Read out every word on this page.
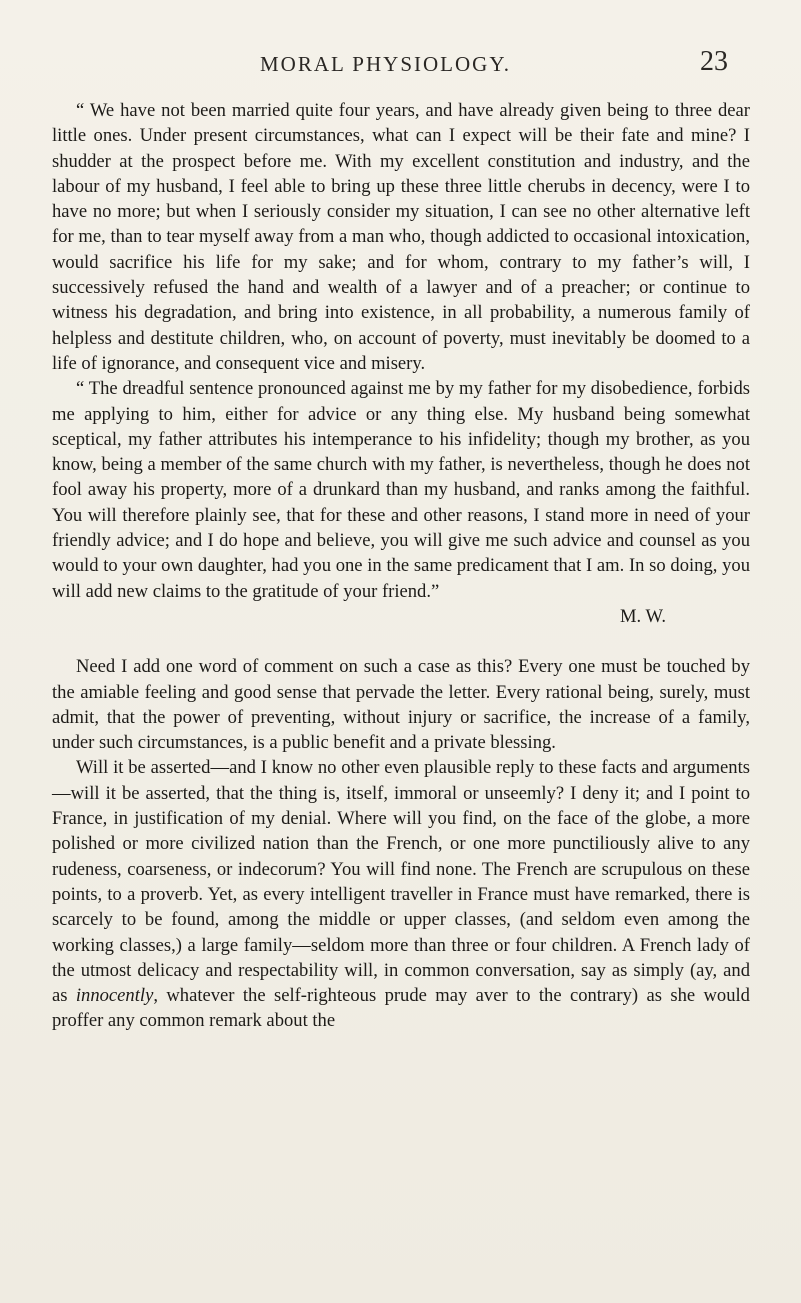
MORAL PHYSIOLOGY.	23

“ We have not been married quite four years, and have already given being to three dear little ones. Under present circumstances, what can I expect will be their fate and mine? I shudder at the prospect before me. With my excellent constitution and industry, and the labour of my husband, I feel able to bring up these three little cherubs in decency, were I to have no more; but when I seriously consider my situation, I can see no other alternative left for me, than to tear myself away from a man who, though addicted to occasional intoxication, would sacrifice his life for my sake; and for whom, contrary to my father’s will, I successively refused the hand and wealth of a lawyer and of a preacher; or continue to witness his degradation, and bring into existence, in all probability, a numerous family of helpless and destitute children, who, on account of poverty, must inevitably be doomed to a life of ignorance, and consequent vice and misery.

“ The dreadful sentence pronounced against me by my father for my disobedience, forbids me applying to him, either for advice or any thing else. My husband being somewhat sceptical, my father attributes his intemperance to his infidelity; though my brother, as you know, being a member of the same church with my father, is nevertheless, though he does not fool away his property, more of a drunkard than my husband, and ranks among the faithful. You will therefore plainly see, that for these and other reasons, I stand more in need of your friendly advice; and I do hope and believe, you will give me such advice and counsel as you would to your own daughter, had you one in the same predicament that I am. In so doing, you will add new claims to the gratitude of your friend.”

M. W.

Need I add one word of comment on such a case as this? Every one must be touched by the amiable feeling and good sense that pervade the letter. Every rational being, surely, must admit, that the power of preventing, without injury or sacrifice, the increase of a family, under such circumstances, is a public benefit and a private blessing.

Will it be asserted—and I know no other even plausible reply to these facts and arguments—will it be asserted, that the thing is, itself, immoral or unseemly? I deny it; and I point to France, in justification of my denial. Where will you find, on the face of the globe, a more polished or more civilized nation than the French, or one more punctiliously alive to any rudeness, coarseness, or indecorum? You will find none. The French are scrupulous on these points, to a proverb. Yet, as every intelligent traveller in France must have remarked, there is scarcely to be found, among the middle or upper classes, (and seldom even among the working classes,) a large family—seldom more than three or four children. A French lady of the utmost delicacy and respectability will, in common conversation, say as simply (ay, and as innocently, whatever the self-righteous prude may aver to the contrary) as she would proffer any common remark about the
